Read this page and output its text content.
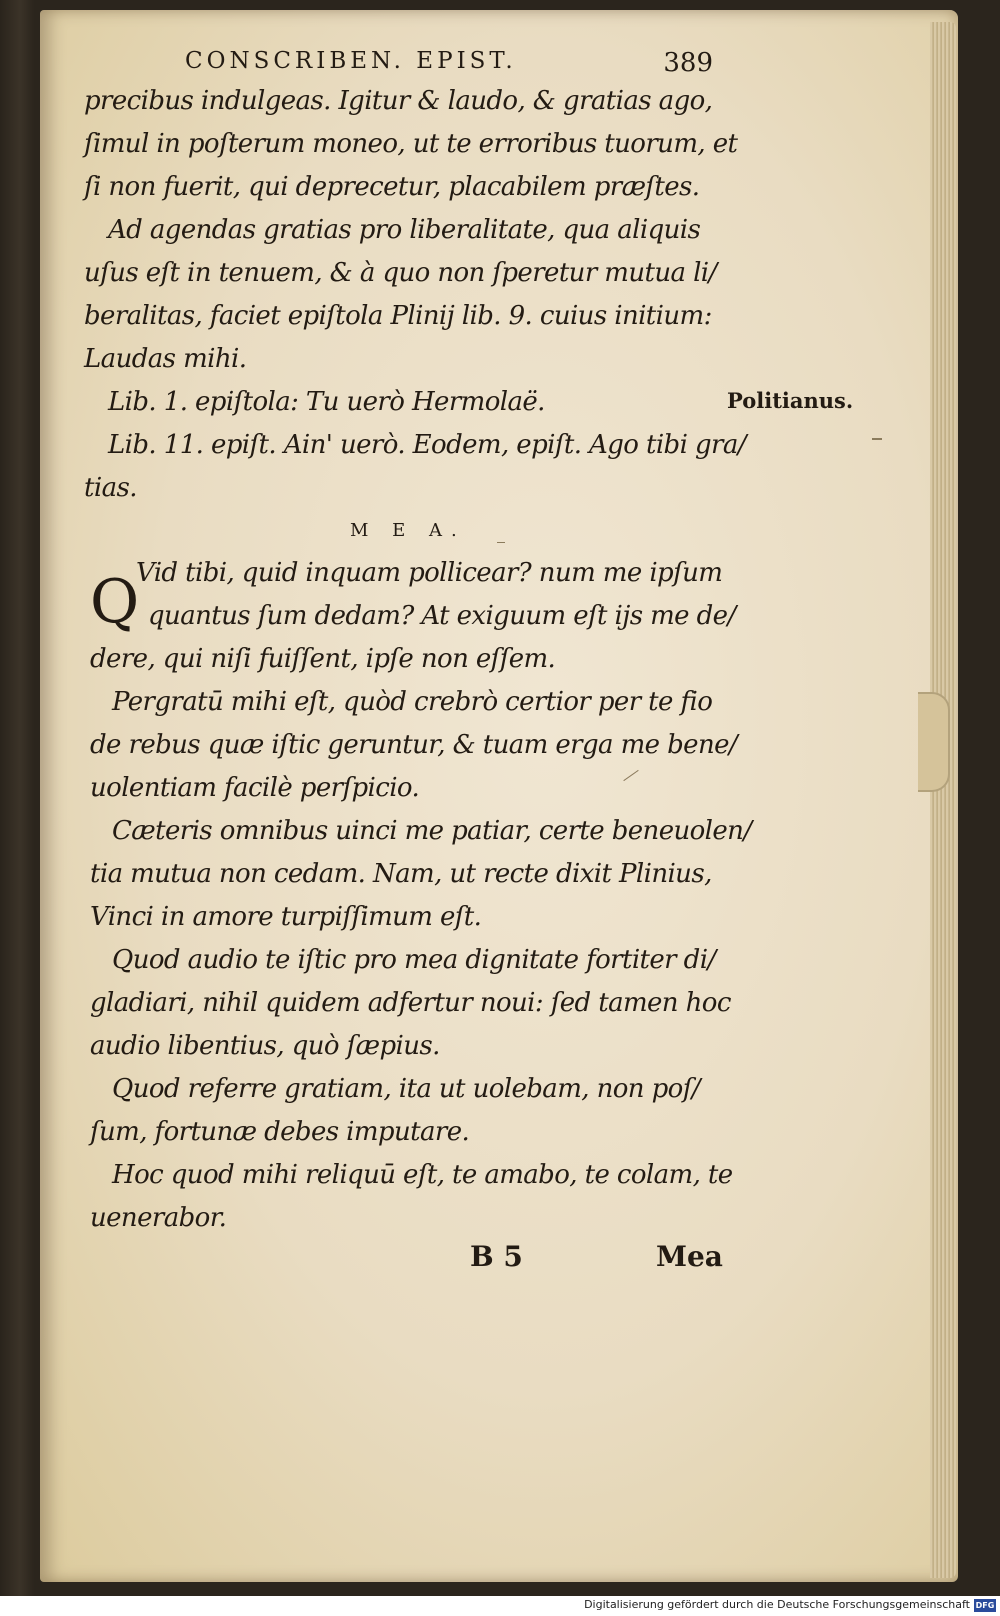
CONSCRIBEN. EPIST.	389
precibus indulgeas. Igitur & laudo, & gratias ago,
ſimul in poſterum moneo, ut te erroribus tuorum, et
ſi non fuerit, qui deprecetur, placabilem præſtes.
Ad agendas gratias pro liberalitate, qua aliquis
uſus eſt in tenuem, & à quo non ſperetur mutua li/
beralitas, faciet epiſtola Plinij lib. 9. cuius initium:
Laudas mihi.
Lib. 1. epiſtola: Tu uerò Hermolaë.
Lib. 11. epiſt. Ain' uerò. Eodem, epiſt. Ago tibi gra/
tias.
Vid tibi, quid inquam pollicear? num me ipſum
quantus ſum dedam? At exiguum eſt ijs me de/
dere, qui niſi fuiſſent, ipſe non eſſem.
Pergratū mihi eſt, quòd crebrò certior per te fio
de rebus quæ iſtic geruntur, & tuam erga me bene/
uolentiam facilè perſpicio.
Cæteris omnibus uinci me patiar, certe beneuolen/
tia mutua non cedam. Nam, ut recte dixit Plinius,
Vinci in amore turpiſſimum eſt.
Quod audio te iſtic pro mea dignitate fortiter di/
gladiari, nihil quidem adfertur noui: ſed tamen hoc
audio libentius, quò ſæpius.
Quod referre gratiam, ita ut uolebam, non poſ/
ſum, fortunæ debes imputare.
Hoc quod mihi reliquū eſt, te amabo, te colam, te
uenerabor.
Politianus.
M E A.
Q
B 5	Mea
Digitalisierung gefördert durch die Deutsche Forschungsgemeinschaft DFG
